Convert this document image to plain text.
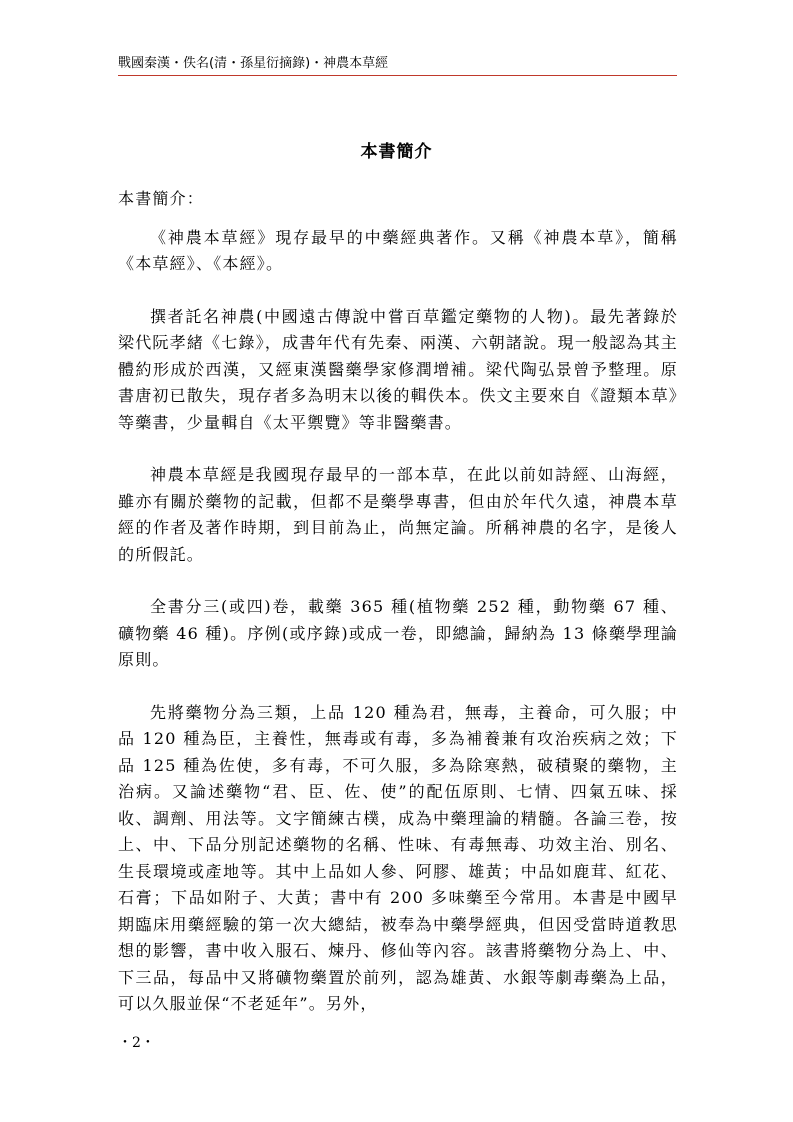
戰國秦漢・佚名(清・孫星衍摘錄)・神農本草經
本書簡介

本書簡介：

《神農本草經》現存最早的中藥經典著作。又稱《神農本草》，簡稱《本草經》、《本經》。

撰者託名神農(中國遠古傳說中嘗百草鑑定藥物的人物)。最先著錄於梁代阮孝緒《七錄》，成書年代有先秦、兩漢、六朝諸說。現一般認為其主體約形成於西漢，又經東漢醫藥學家修潤增補。梁代陶弘景曾予整理。原書唐初已散失，現存者多為明末以後的輯佚本。佚文主要來自《證類本草》等藥書，少量輯自《太平禦覽》等非醫藥書。

神農本草經是我國現存最早的一部本草，在此以前如詩經、山海經，雖亦有關於藥物的記載，但都不是藥學專書，但由於年代久遠，神農本草經的作者及著作時期，到目前為止，尚無定論。所稱神農的名字，是後人的所假託。

全書分三(或四)卷，載藥 365 種(植物藥 252 種，動物藥 67 種、礦物藥 46 種)。序例(或序錄)或成一卷，即總論，歸納為 13 條藥學理論原則。

先將藥物分為三類，上品 120 種為君，無毒，主養命，可久服；中品 120 種為臣，主養性，無毒或有毒，多為補養兼有攻治疾病之效；下品 125 種為佐使，多有毒，不可久服，多為除寒熱，破積聚的藥物，主治病。又論述藥物“君、臣、佐、使”的配伍原則、七情、四氣五味、採收、調劑、用法等。文字簡練古樸，成為中藥理論的精髓。各論三卷，按上、中、下品分別記述藥物的名稱、性味、有毒無毒、功效主治、別名、生長環境或產地等。其中上品如人參、阿膠、雄黃；中品如鹿茸、紅花、石膏；下品如附子、大黃；書中有 200 多味藥至今常用。本書是中國早期臨床用藥經驗的第一次大總結，被奉為中藥學經典，但因受當時道教思想的影響，書中收入服石、煉丹、修仙等內容。該書將藥物分為上、中、下三品，每品中又將礦物藥置於前列，認為雄黃、水銀等劇毒藥為上品，可以久服並保“不老延年”。另外，

・2・
